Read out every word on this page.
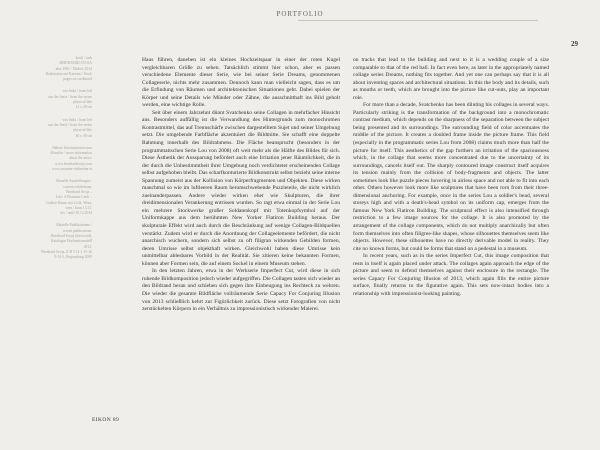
PORTFOLIO
29
koolt / turk
BERNHARD SVOJA
alus 1961 / Dütbel, 2014
Realization auf Kartons / Stock
pages on cardboard
von links / from left
aus der Serie / from the series
physical like
21 x 28 cm
von links / from left
aus der Serie / from the series
physical like
30 x 40 cm
Nähere Informationen zum
Künstler / more information
about the artist:
www.bernhardsvoja.com
www.susanne-vielmetter.at
Aktuelle Ausstellungen /
current exhibitions:
Bernhard Svoja –
Life: A Phantom Limb –
Galerie Raum mit Licht, Wien,
vom / from 13.11.
bis / until 19.12.2014
Aktuelle Publikationen /
recent publications:
Bernhard Svoja (foreword),
Katalogue Hochzeitsmodell
2012,
Bernhard Svoja, Z-B 5 12-1 15-16
9-14-1, Regensburg 2009

Haus führen, daneben ist ein kleines Hochzeitspaar in einer der roten Kugel vergleichbaren Größe zu sehen. Tatsächlich stimmt hier schon, aber es passen verschiedene Elemente dieser Serie, wie bei seiner Serie Dreams, genommenen Collageserie, nichts mehr zusammen. Dennoch kann man vielleicht sagen, dass es um die Erfindung von Räumen und architektonischen Situationen geht. Dabei spielen der Körper und seine Details wie Münder oder Zähne, die ausschnitthaft ins Bild geholt werden, eine wichtige Rolle.

Seit über einem Jahrzehnt dünnt Svatchenko seine Collagen in mehrfacher Hinsicht aus. Besonders auffällig ist die Verwandlung des Hintergrunds zum monochromen Kontrastmittel, das auf Trennschärfe zwischen dargestelltem Sujet und seiner Umgebung setzt. Die umgebende Farbfläche akzentuiert die Bildmitte. Sie schafft eine doppelte Rahmung innerhalb des Bildrahmens. Die Fläche beansprucht (besonders in der programmatischen Serie Lou von 2008) oft weit mehr als die Hälfte des Bildes für sich. Diese Ästhetik der Aussparung befördert auch eine Irritation jener Räumlichkeit, die in der durch die Unbestimmtheit ihrer Umgebung noch verdichteter erscheinenden Collage selbst aufgehoben bleibt. Das scharfkonturierte Bildkonstrukt selbst bezieht seine interne Spannung zumeist aus der Kollision von Körperfragmenten und Objekten. Diese wirken manchmal so wie im luftleeren Raum herumschwebende Puzzleteile, die nicht wirklich zueinanderpassen. Andere wieder wirken eher wie Skulpturen, die ihrer dreidimensionalen Verankerung entrissen wurden. So ragt etwa einmal in der Serie Lou ein mehrere Stockwerke großer Soldatenkopf mit Totenkopfsymbol auf der Uniformkappe aus dem berühmten New Yorker Flatiron Building heraus. Der skulpturale Effekt wird auch durch die Beschränkung auf wenige Collagen-Bildquellen verstärkt. Zudem wird er durch die Anordnung der Collageelemente befördert, die nicht anarchisch wuchern, sondern sich selbst zu oft filigran wirkenden Gebilden formen, deren Umrisse selbst objekthaft wirken. Gleichwohl haben diese Umrisse kein unmittelbar ablesbares Vorbild in der Realität. Sie zitieren keine bekannten Formen, können aber Formen sein, die auf einem Sockel in einem Museum stehen.

In den letzten Jahren, etwa in der Werkserie Imperfect Cut, wird diese in sich ruhende Bildkomposition jedoch wieder aufgegriffen. Die Collagen tasten sich wieder an den Bildrand heran und schieben sich gegen ihre Einbeugung ins Rechteck zu wehren. Die wieder die gesamte Bildfläche vollräumende Serie Capacy For Conjuring Illusion von 2013 schließlich kehrt zur Figürlichkeit zurück. Diese setzt Fotografien von nicht zerstückelten Körpern in ein Verhältnis zu impressionistisch wirkender Malerei.

on tracks that lead to the building and next to it is a wedding couple of a size comparable to that of the red ball. In fact even here, as later in the appropriately named collage series Dreams, nothing fits together. And yet one can perhaps say that it is all about inventing spaces and architectural situations. In this the body and its details, such as mouths or teeth, which are brought into the picture like cut-outs, play an important role.

For more than a decade, Svatchenko has been diluting his collages in several ways. Particularly striking is the transformation of the background into a monochromatic contrast medium, which depends on the sharpness of the separation between the subject being presented and its surroundings. The surrounding field of color accentuates the middle of the picture. It creates a doubled frame inside the picture frame. This field (especially in the programmatic series Lou from 2008) claims much more than half the picture for itself. This aesthetics of the gap furthers an irritation of the spaciousness which, in the collage that seems more concentrated due to the uncertainty of its surroundings, cancels itself out. The sharply contoured image construct itself acquires its tension mainly from the collision of body-fragments and objects. The latter sometimes look like puzzle pieces hovering in airless space and not able to fit into each other. Others however look more like sculptures that have been torn from their three-dimensional anchoring. For example, once in the series Lou a soldier's head, several storeys high and with a death's-head symbol on its uniform cap, emerges from the famous New York Flatiron Building. The sculptural effect is also intensified through restriction to a few image sources for the collage. It is also promoted by the arrangement of the collage components, which do not multiply anarchically but often form themselves into often filigree-like shapes, whose silhouettes themselves seem like objects. However, these silhouettes have no directly derivable model in reality. They cite no known forms, but could be forms that stand on a pedestal in a museum.

In recent years, such as in the series Imperfect Cut, this image composition that rests in itself is again placed under attack. The collages again approach the edge of the picture and seem to defend themselves against their enclosure in the rectangle. The series Capacy For Conjuring Illusion of 2013, which again fills the entire picture surface, finally returns to the figurative again. This sets now-intact bodies into a relationship with impressionist-looking painting.

EIKON 89
